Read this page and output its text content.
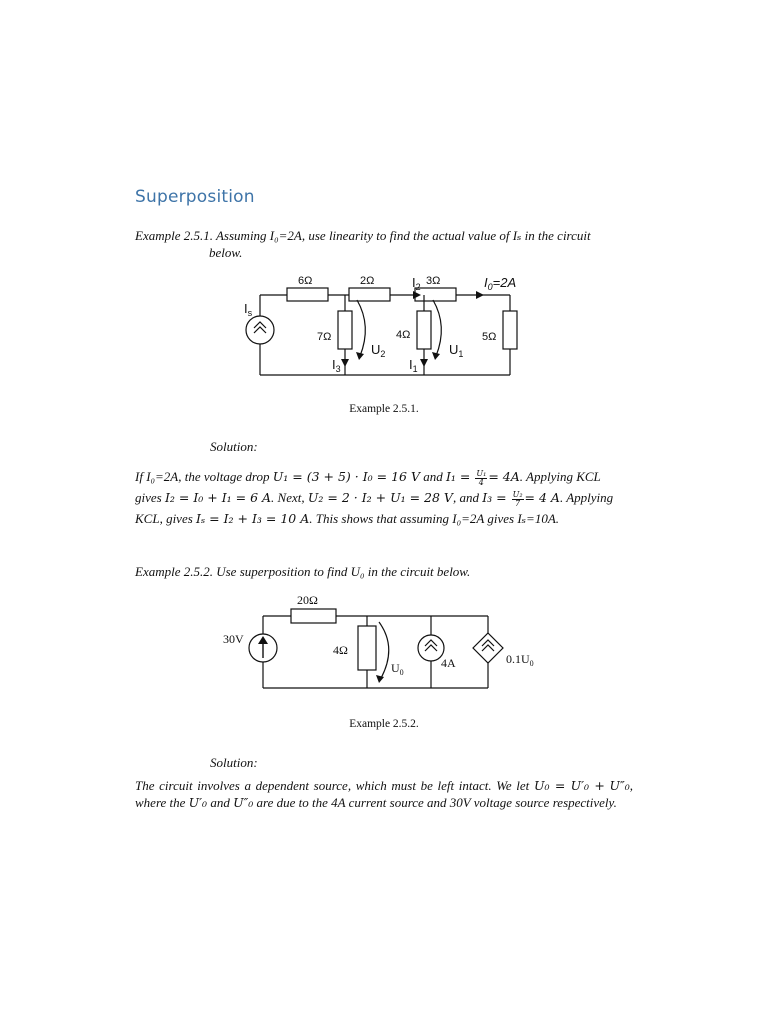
Superposition

Example 2.5.1. Assuming I₀=2A, use linearity to find the actual value of Iₛ in the circuit
below.

6Ω	2Ω	3Ω
7Ω	4Ω	5Ω
$I_s$
$I_2$	$I_0=2A$
$I_3$	$I_1$
$U_2$	$U_1$

Example 2.5.1.

Solution:

If I₀=2A, the voltage drop U₁ = (3 + 5) · I₀ = 16 V and $I_1 = \frac{\text{U₁}}{4} = 4A$. Applying KCL
gives I₂ = I₀ + I₁ = 6 A. Next, U₂ = 2 · I₂ + U₁ = 28 V, and $I_3 = \frac{\text{U₂}}{7} = 4$ A. Applying
KCL, gives Iₛ = I₂ + I₃ = 10 A. This shows that assuming I₀=2A gives Iₛ=10A.

Example 2.5.2. Use superposition to find U₀ in the circuit below.

20Ω
30V
4Ω
$U_0$
4A	$0.1U_0$

Example 2.5.2.

Solution:

The circuit involves a dependent source, which must be left intact. We let U₀ = U′₀ + U″₀, where the U′₀ and U″₀ are due to the 4A current source and 30V voltage source respectively.
